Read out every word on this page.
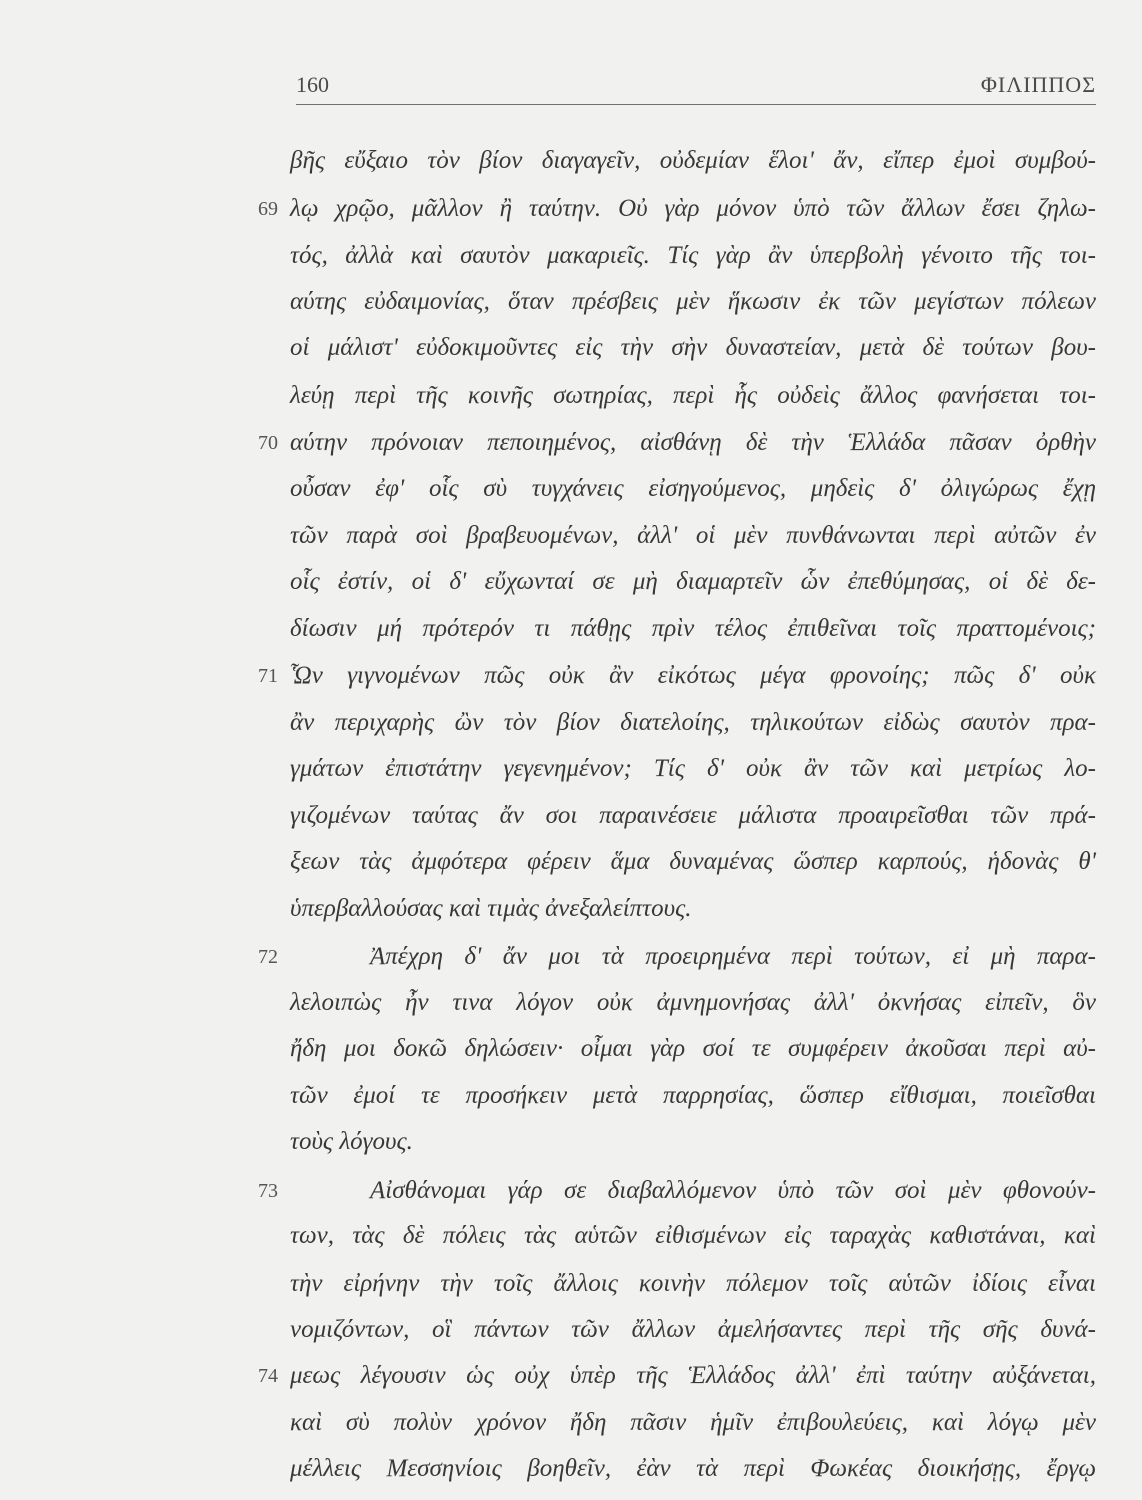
160	ΦΙΛΙΠΠΟΣ
βῆς εὔξαιο τὸν βίον διαγαγεῖν, οὐδεμίαν ἕλοι' ἄν, εἴπερ ἐμοὶ συμβού-
λῳ χρῷο, μᾶλλον ἢ ταύτην. Οὐ γὰρ μόνον ὑπὸ τῶν ἄλλων ἔσει ζηλω-
τός, ἀλλὰ καὶ σαυτὸν μακαριεῖς. Τίς γὰρ ἂν ὑπερβολὴ γένοιτο τῆς τοι-
αύτης εὐδαιμονίας, ὅταν πρέσβεις μὲν ἥκωσιν ἐκ τῶν μεγίστων πόλεων
οἱ μάλιστ' εὐδοκιμοῦντες εἰς τὴν σὴν δυναστείαν, μετὰ δὲ τούτων βου-
λεύῃ περὶ τῆς κοινῆς σωτηρίας, περὶ ἧς οὐδεὶς ἄλλος φανήσεται τοι-
αύτην πρόνοιαν πεποιημένος, αἰσθάνῃ δὲ τὴν Ἑλλάδα πᾶσαν ὀρθὴν
οὖσαν ἐφ' οἷς σὺ τυγχάνεις εἰσηγούμενος, μηδεὶς δ' ὀλιγώρως ἔχῃ
τῶν παρὰ σοὶ βραβευομένων, ἀλλ' οἱ μὲν πυνθάνωνται περὶ αὐτῶν ἐν
οἷς ἐστίν, οἱ δ' εὔχωνταί σε μὴ διαμαρτεῖν ὧν ἐπεθύμησας, οἱ δὲ δε-
δίωσιν μή πρότερόν τι πάθῃς πρὶν τέλος ἐπιθεῖναι τοῖς πραττομένοις;
Ὧν γιγνομένων πῶς οὐκ ἂν εἰκότως μέγα φρονοίης; πῶς δ' οὐκ
ἂν περιχαρὴς ὢν τὸν βίον διατελοίης, τηλικούτων εἰδὼς σαυτὸν πρα-
γμάτων ἐπιστάτην γεγενημένον; Τίς δ' οὐκ ἂν τῶν καὶ μετρίως λο-
γιζομένων ταύτας ἄν σοι παραινέσειε μάλιστα προαιρεῖσθαι τῶν πρά-
ξεων τὰς ἀμφότερα φέρειν ἅμα δυναμένας ὥσπερ καρπούς, ἡδονὰς θ'
ὑπερβαλλούσας καὶ τιμὰς ἀνεξαλείπτους.
Ἀπέχρη δ' ἄν μοι τὰ προειρημένα περὶ τούτων, εἰ μὴ παρα-
λελοιπὼς ἦν τινα λόγον οὐκ ἀμνημονήσας ἀλλ' ὀκνήσας εἰπεῖν, ὃν
ἤδη μοι δοκῶ δηλώσειν· οἶμαι γὰρ σοί τε συμφέρειν ἀκοῦσαι περὶ αὐ-
τῶν ἐμοί τε προσήκειν μετὰ παρρησίας, ὥσπερ εἴθισμαι, ποιεῖσθαι
τοὺς λόγους.
Αἰσθάνομαι γάρ σε διαβαλλόμενον ὑπὸ τῶν σοὶ μὲν φθονούν-
των, τὰς δὲ πόλεις τὰς αὑτῶν εἰθισμένων εἰς ταραχὰς καθιστάναι, καὶ
τὴν εἰρήνην τὴν τοῖς ἄλλοις κοινὴν πόλεμον τοῖς αὑτῶν ἰδίοις εἶναι
νομιζόντων, οἳ πάντων τῶν ἄλλων ἀμελήσαντες περὶ τῆς σῆς δυνά-
μεως λέγουσιν ὡς οὐχ ὑπὲρ τῆς Ἑλλάδος ἀλλ' ἐπὶ ταύτην αὐξάνεται,
καὶ σὺ πολὺν χρόνον ἤδη πᾶσιν ἡμῖν ἐπιβουλεύεις, καὶ λόγῳ μὲν
μέλλεις Μεσσηνίοις βοηθεῖν, ἐὰν τὰ περὶ Φωκέας διοικήσῃς, ἔργῳ
69
70
71
72
73
74
